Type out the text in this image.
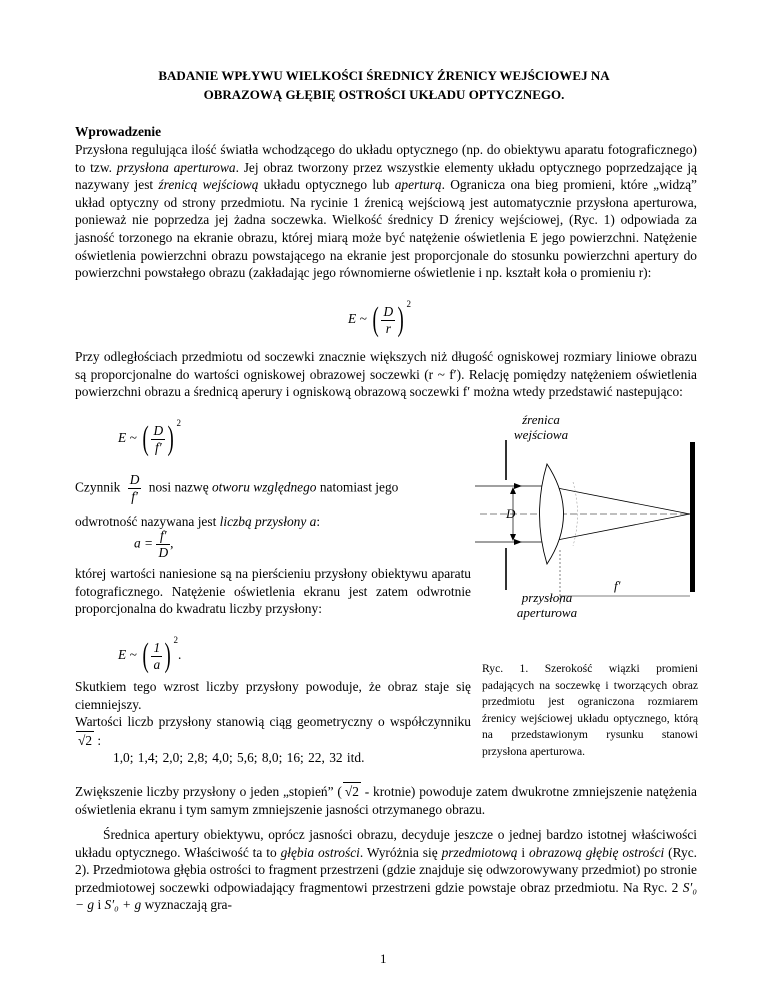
BADANIE WPŁYWU WIELKOŚCI ŚREDNICY ŹRENICY WEJŚCIOWEJ NA
OBRAZOWĄ GŁĘBIĘ OSTROŚCI UKŁADU OPTYCZNEGO.
Wprowadzenie

Przysłona regulująca ilość światła wchodzącego do układu optycznego (np. do obiektywu aparatu fotograficznego) to tzw. przysłona aperturowa. Jej obraz tworzony przez wszystkie elementy układu optycznego poprzedzające ją nazywany jest źrenicą wejściową układu optycznego lub aperturą. Ogranicza ona bieg promieni, które „widzą” układ optyczny od strony przedmiotu. Na rycinie 1 źrenicą wejściową jest automatycznie przysłona aperturowa, ponieważ nie poprzedza jej żadna soczewka. Wielkość średnicy D źrenicy wejściowej, (Ryc. 1) odpowiada za jasność torzonego na ekranie obrazu, której miarą może być natężenie oświetlenia E jego powierzchni. Natężenie oświetlenia powierzchni obrazu powstającego na ekranie jest proporcjonale do stosunku powierzchni apertury do powierzchni powstałego obrazu (zakładając jego równomierne oświetlenie i np. kształt koła o promieniu r):

E ~ ( $\frac{D}{r}$ ) 2

Przy odległościach przedmiotu od soczewki znacznie większych niż długość ogniskowej rozmiary liniowe obrazu są proporcjonalne do wartości ogniskowej obrazowej soczewki (r ~ f′). Relację pomiędzy natężeniem oświetlenia powierzchni obrazu a średnicą aperury i ogniskową obrazową soczewki f′ można wtedy przedstawić nastepująco:

E ~ ( $\frac{D}{f'}$ ) 2
Czynnik $\frac{D}{f'}$ nosi nazwę otworu względnego natomiast jego
odwrotność nazywana jest liczbą przysłony a:
$a = \frac{f'}{D}$ ,
której wartości naniesione są na pierścieniu przysłony obiektywu aparatu fotograficznego. Natężenie oświetlenia ekranu jest zatem odwrotnie proporcjonalna do kwadratu liczby przysłony:
E ~ ( $\frac{1}{a}$ ) 2.
Skutkiem tego wzrost liczby przysłony powoduje, że obraz staje się ciemniejszy.
Wartości liczb przysłony stanowią ciąg geometryczny o współczynniku √2 :
1,0; 1,4; 2,0; 2,8; 4,0; 5,6; 8,0; 16; 22, 32 itd.

Zwiększenie liczby przysłony o jeden „stopień” ( √2 - krotnie) powoduje zatem dwukrotne zmniejszenie natężenia oświetlenia ekranu i tym samym zmniejszenie jasności otrzymanego obrazu.

Średnica apertury obiektywu, oprócz jasności obrazu, decyduje jeszcze o jednej bardzo istotnej właściwości układu optycznego. Właściwość ta to głębia ostrości. Wyróżnia się przedmiotową i obrazową głębię ostrości (Ryc. 2). Przedmiotowa głębia ostrości to fragment przestrzeni (gdzie znajduje się odwzorowywany przedmiot) po stronie przedmiotowej soczewki odpowiadający fragmentowi przestrzeni gdzie powstaje obraz przedmiotu. Na Ryc. 2 S′₀ − g i S′₀ + g wyznaczają gra-

źrenica
wejściowa
przysłona
aperturowa
D
f′
Ryc. 1. Szerokość wiązki promieni padających na soczewkę i tworzących obraz przedmiotu jest ograniczona rozmiarem źrenicy wejściowej układu optycznego, którą na przedstawionym rysunku stanowi przysłona aperturowa.
1
